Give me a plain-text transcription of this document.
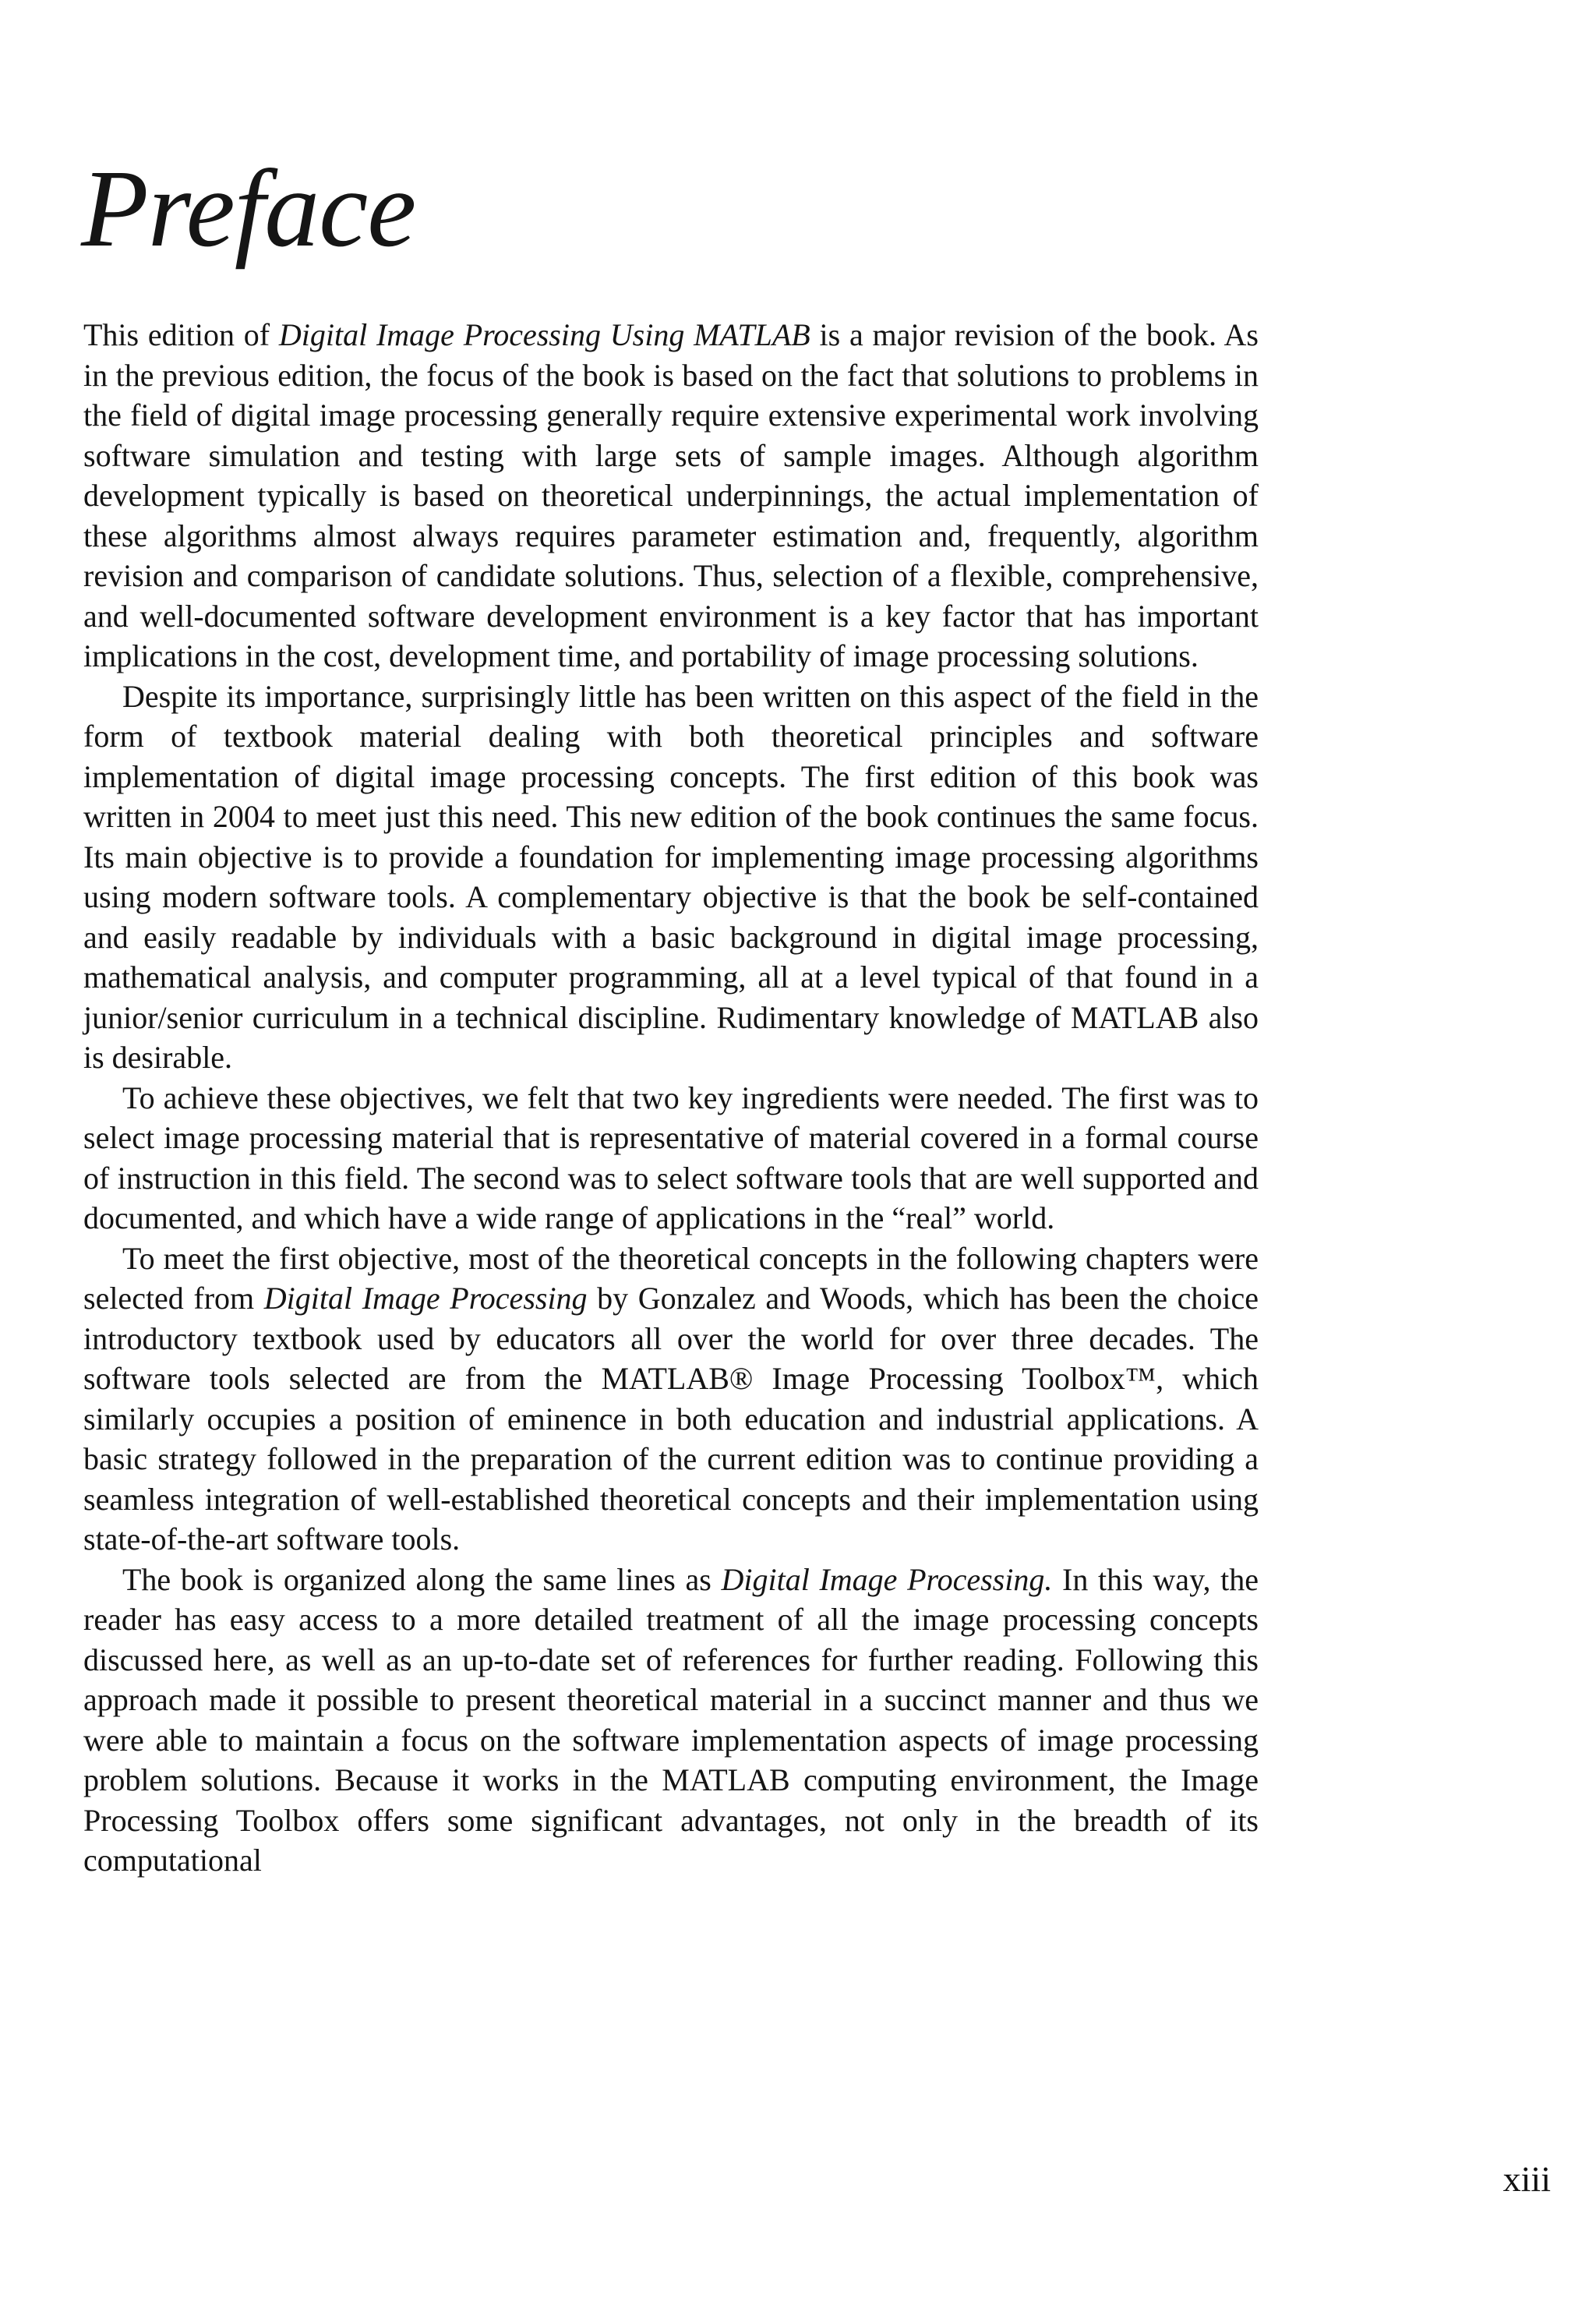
Preface

This edition of Digital Image Processing Using MATLAB is a major revision of the book. As in the previous edition, the focus of the book is based on the fact that solutions to problems in the field of digital image processing generally require extensive experimental work involving software simulation and testing with large sets of sample images. Although algorithm development typically is based on theoretical underpinnings, the actual implementation of these algorithms almost always requires parameter estimation and, frequently, algorithm revision and comparison of candidate solutions. Thus, selection of a flexible, comprehensive, and well-documented software development environment is a key factor that has important implications in the cost, development time, and portability of image processing solutions.

Despite its importance, surprisingly little has been written on this aspect of the field in the form of textbook material dealing with both theoretical principles and software implementation of digital image processing concepts. The first edition of this book was written in 2004 to meet just this need. This new edition of the book continues the same focus. Its main objective is to provide a foundation for implementing image processing algorithms using modern software tools. A complementary objective is that the book be self-contained and easily readable by individuals with a basic background in digital image processing, mathematical analysis, and computer programming, all at a level typical of that found in a junior/senior curriculum in a technical discipline. Rudimentary knowledge of MATLAB also is desirable.

To achieve these objectives, we felt that two key ingredients were needed. The first was to select image processing material that is representative of material covered in a formal course of instruction in this field. The second was to select software tools that are well supported and documented, and which have a wide range of applications in the “real” world.

To meet the first objective, most of the theoretical concepts in the following chapters were selected from Digital Image Processing by Gonzalez and Woods, which has been the choice introductory textbook used by educators all over the world for over three decades. The software tools selected are from the MATLAB® Image Processing Toolbox™, which similarly occupies a position of eminence in both education and industrial applications. A basic strategy followed in the preparation of the current edition was to continue providing a seamless integration of well-established theoretical concepts and their implementation using state-of-the-art software tools.

The book is organized along the same lines as Digital Image Processing. In this way, the reader has easy access to a more detailed treatment of all the image processing concepts discussed here, as well as an up-to-date set of references for further reading. Following this approach made it possible to present theoretical material in a succinct manner and thus we were able to maintain a focus on the software implementation aspects of image processing problem solutions. Because it works in the MATLAB computing environment, the Image Processing Toolbox offers some significant advantages, not only in the breadth of its computational

xiii
